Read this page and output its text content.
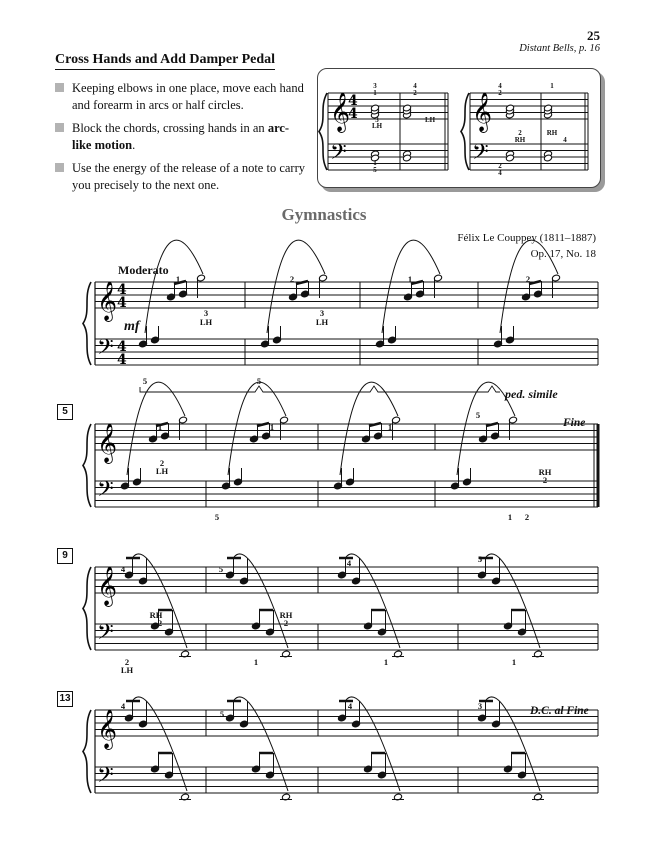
25
Distant Bells, p. 16
Cross Hands and Add Damper Pedal
Keeping elbows in one place, move each hand and forearm in arcs or half circles.
Block the chords, crossing hands in an arc-like motion.
Use the energy of the release of a note to carry you precisely to the next one.
Gymnastics
Félix Le Couppey (1811–1887)
Op. 17, No. 18
Moderato
mf
ped. simile
Fine
D.C. al Fine
5
9
13
𝄞
𝄢
4
4	𝄞
𝄢
𝄞
𝄢
4
4
4
4
𝄞
𝄢
𝄞
𝄢
𝄞
𝄢
3
1
4
2
3
LH
LH
1
5
4
2
2	RH
RH	4
1
2
4
1
3
LH
2
3
LH
1	2
5	5
1
2
LH
1	1
5
RH
2
5
1 2
4
RH
2
2
LH
5
RH
2
1
4
1
5
1
4
5
4	3
